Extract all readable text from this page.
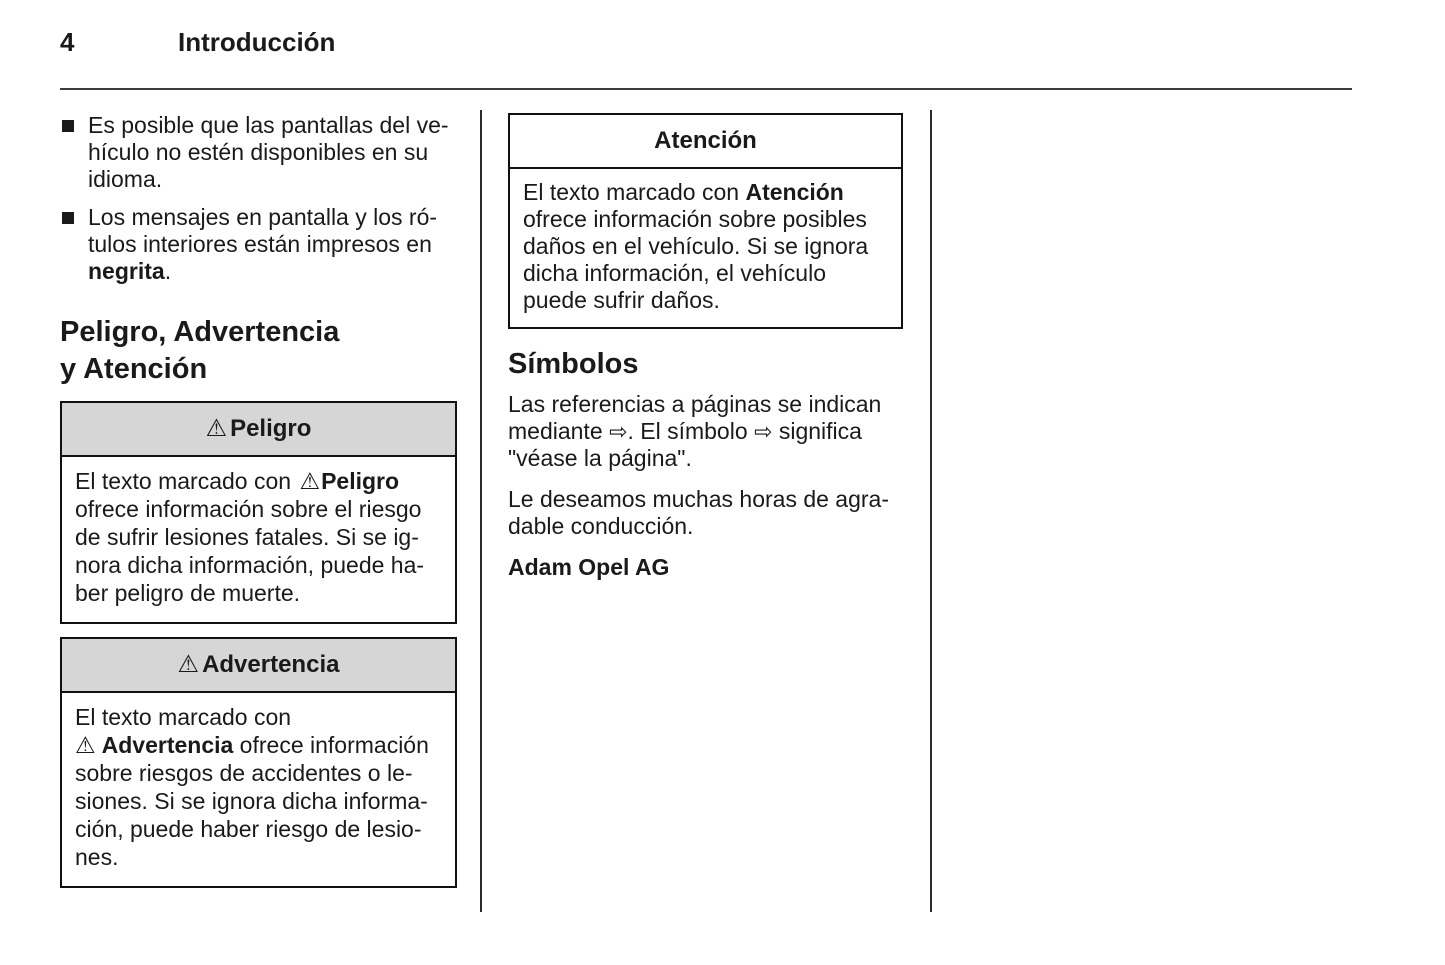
4	Introducción
Es posible que las pantallas del ve-
hículo no estén disponibles en su
idioma.
Los mensajes en pantalla y los ró-
tulos interiores están impresos en
negrita.
Peligro, Advertencia
y Atención
⚠ Peligro
El texto marcado con ⚠Peligro
ofrece información sobre el riesgo
de sufrir lesiones fatales. Si se ig-
nora dicha información, puede ha-
ber peligro de muerte.
⚠ Advertencia
El texto marcado con
⚠ Advertencia ofrece información
sobre riesgos de accidentes o le-
siones. Si se ignora dicha informa-
ción, puede haber riesgo de lesio-
nes.
Atención
El texto marcado con Atención
ofrece información sobre posibles
daños en el vehículo. Si se ignora
dicha información, el vehículo
puede sufrir daños.
Símbolos

Las referencias a páginas se indican
mediante ⇨. El símbolo ⇨ significa
"véase la página".

Le deseamos muchas horas de agra-
dable conducción.

Adam Opel AG
